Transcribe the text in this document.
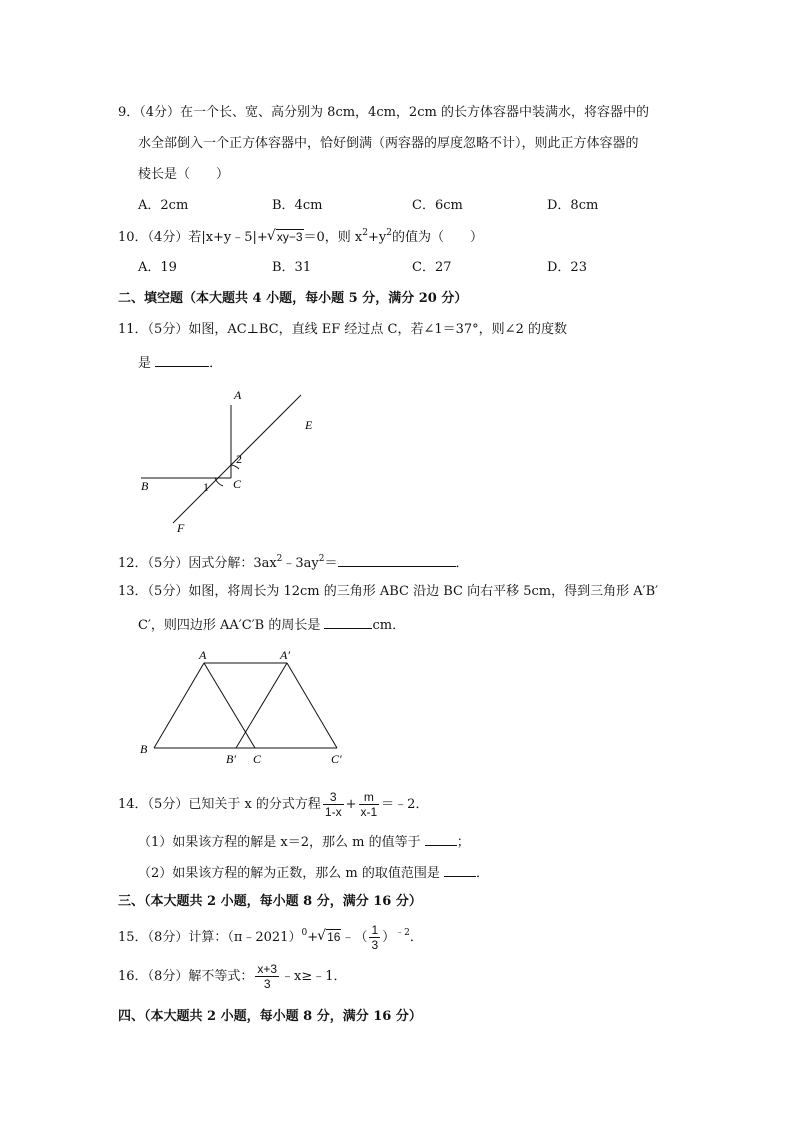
9．（4分）在一个长、宽、高分别为 8cm，4cm，2cm 的长方体容器中装满水，将容器中的
水全部倒入一个正方体容器中，恰好倒满（两容器的厚度忽略不计），则此正方体容器的
棱长是（　　）
A．2cm	B．4cm	C．6cm	D．8cm
10．（4分）若|x+y﹣5|+ √ xy−3＝0，则 $x^2+y^2$的值为（　　）
A．19	B．31	C．27	D．23
二、填空题（本大题共 4 小题，每小题 5 分，满分 20 分）
11．（5分）如图，AC⊥BC，直线 EF 经过点 C，若∠1＝37°，则∠2 的度数
是	．
A
E
2
B	1 C
F
12．（5分）因式分解：$3ax^2﹣3ay^2=$	．
13．（5分）如图，将周长为 12cm 的三角形 ABC 沿边 BC 向右平移 5cm，得到三角形 A′B′
C′，则四边形 AA′C′B 的周长是	cm．
A	A′
B
B′ C	C′
14．（5分）已知关于 x 的分式方程 $\frac{3}{1-x} + \frac{m}{x-1}$ ＝﹣2．
（1）如果该方程的解是 x＝2，那么 m 的值等于	；
（2）如果该方程的解为正数，那么 m 的取值范围是	．
三、（本大题共 2 小题，每小题 8 分，满分 16 分）
15．（8分）计算：（π﹣2021）$^0$+ √ 16﹣（ $\frac{1}{3} )^{﹣2}$．
16．（8分）解不等式： $\frac{x+3}{3}$ ﹣x≥﹣1．
四、（本大题共 2 小题，每小题 8 分，满分 16 分）
